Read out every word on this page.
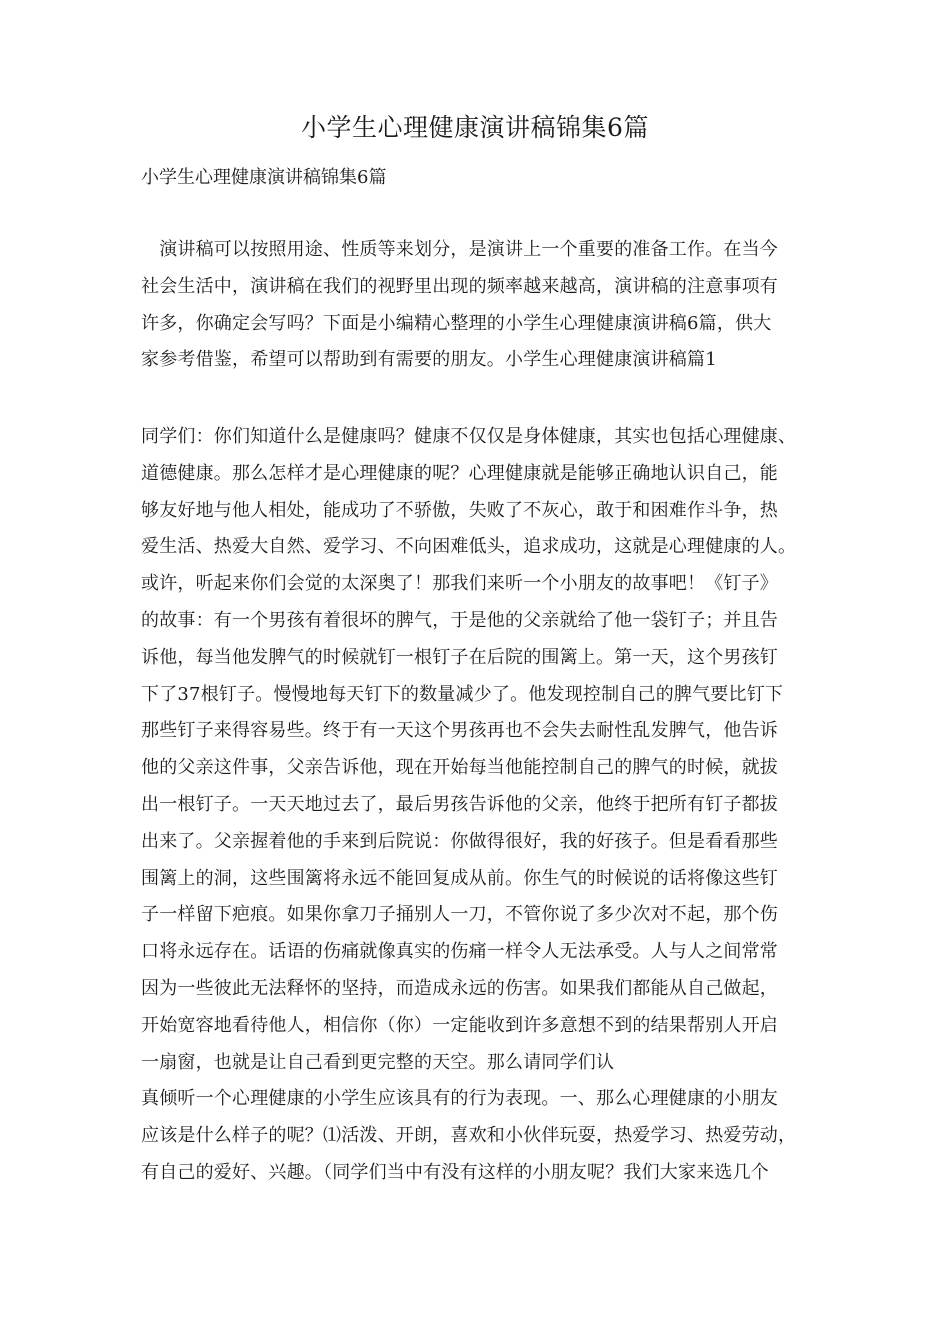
小学生心理健康演讲稿锦集6篇
小学生心理健康演讲稿锦集6篇
　演讲稿可以按照用途、性质等来划分，是演讲上一个重要的准备工作。在当今
社会生活中，演讲稿在我们的视野里出现的频率越来越高，演讲稿的注意事项有
许多，你确定会写吗？下面是小编精心整理的小学生心理健康演讲稿6篇，供大
家参考借鉴，希望可以帮助到有需要的朋友。小学生心理健康演讲稿篇1
同学们：你们知道什么是健康吗？健康不仅仅是身体健康，其实也包括心理健康、
道德健康。那么怎样才是心理健康的呢？心理健康就是能够正确地认识自己，能
够友好地与他人相处，能成功了不骄傲，失败了不灰心，敢于和困难作斗争，热
爱生活、热爱大自然、爱学习、不向困难低头，追求成功，这就是心理健康的人。
或许，听起来你们会觉的太深奥了！那我们来听一个小朋友的故事吧！《钉子》
的故事：有一个男孩有着很坏的脾气，于是他的父亲就给了他一袋钉子；并且告
诉他，每当他发脾气的时候就钉一根钉子在后院的围篱上。第一天，这个男孩钉
下了37根钉子。慢慢地每天钉下的数量减少了。他发现控制自己的脾气要比钉下
那些钉子来得容易些。终于有一天这个男孩再也不会失去耐性乱发脾气，他告诉
他的父亲这件事，父亲告诉他，现在开始每当他能控制自己的脾气的时候，就拔
出一根钉子。一天天地过去了，最后男孩告诉他的父亲，他终于把所有钉子都拔
出来了。父亲握着他的手来到后院说：你做得很好，我的好孩子。但是看看那些
围篱上的洞，这些围篱将永远不能回复成从前。你生气的时候说的话将像这些钉
子一样留下疤痕。如果你拿刀子捅别人一刀，不管你说了多少次对不起，那个伤
口将永远存在。话语的伤痛就像真实的伤痛一样令人无法承受。人与人之间常常
因为一些彼此无法释怀的坚持，而造成永远的伤害。如果我们都能从自己做起，
开始宽容地看待他人，相信你（你）一定能收到许多意想不到的结果帮别人开启
一扇窗，也就是让自己看到更完整的天空。那么请同学们认
真倾听一个心理健康的小学生应该具有的行为表现。一、那么心理健康的小朋友
应该是什么样子的呢？⑴活泼、开朗，喜欢和小伙伴玩耍，热爱学习、热爱劳动，
有自己的爱好、兴趣。（同学们当中有没有这样的小朋友呢？我们大家来选几个
